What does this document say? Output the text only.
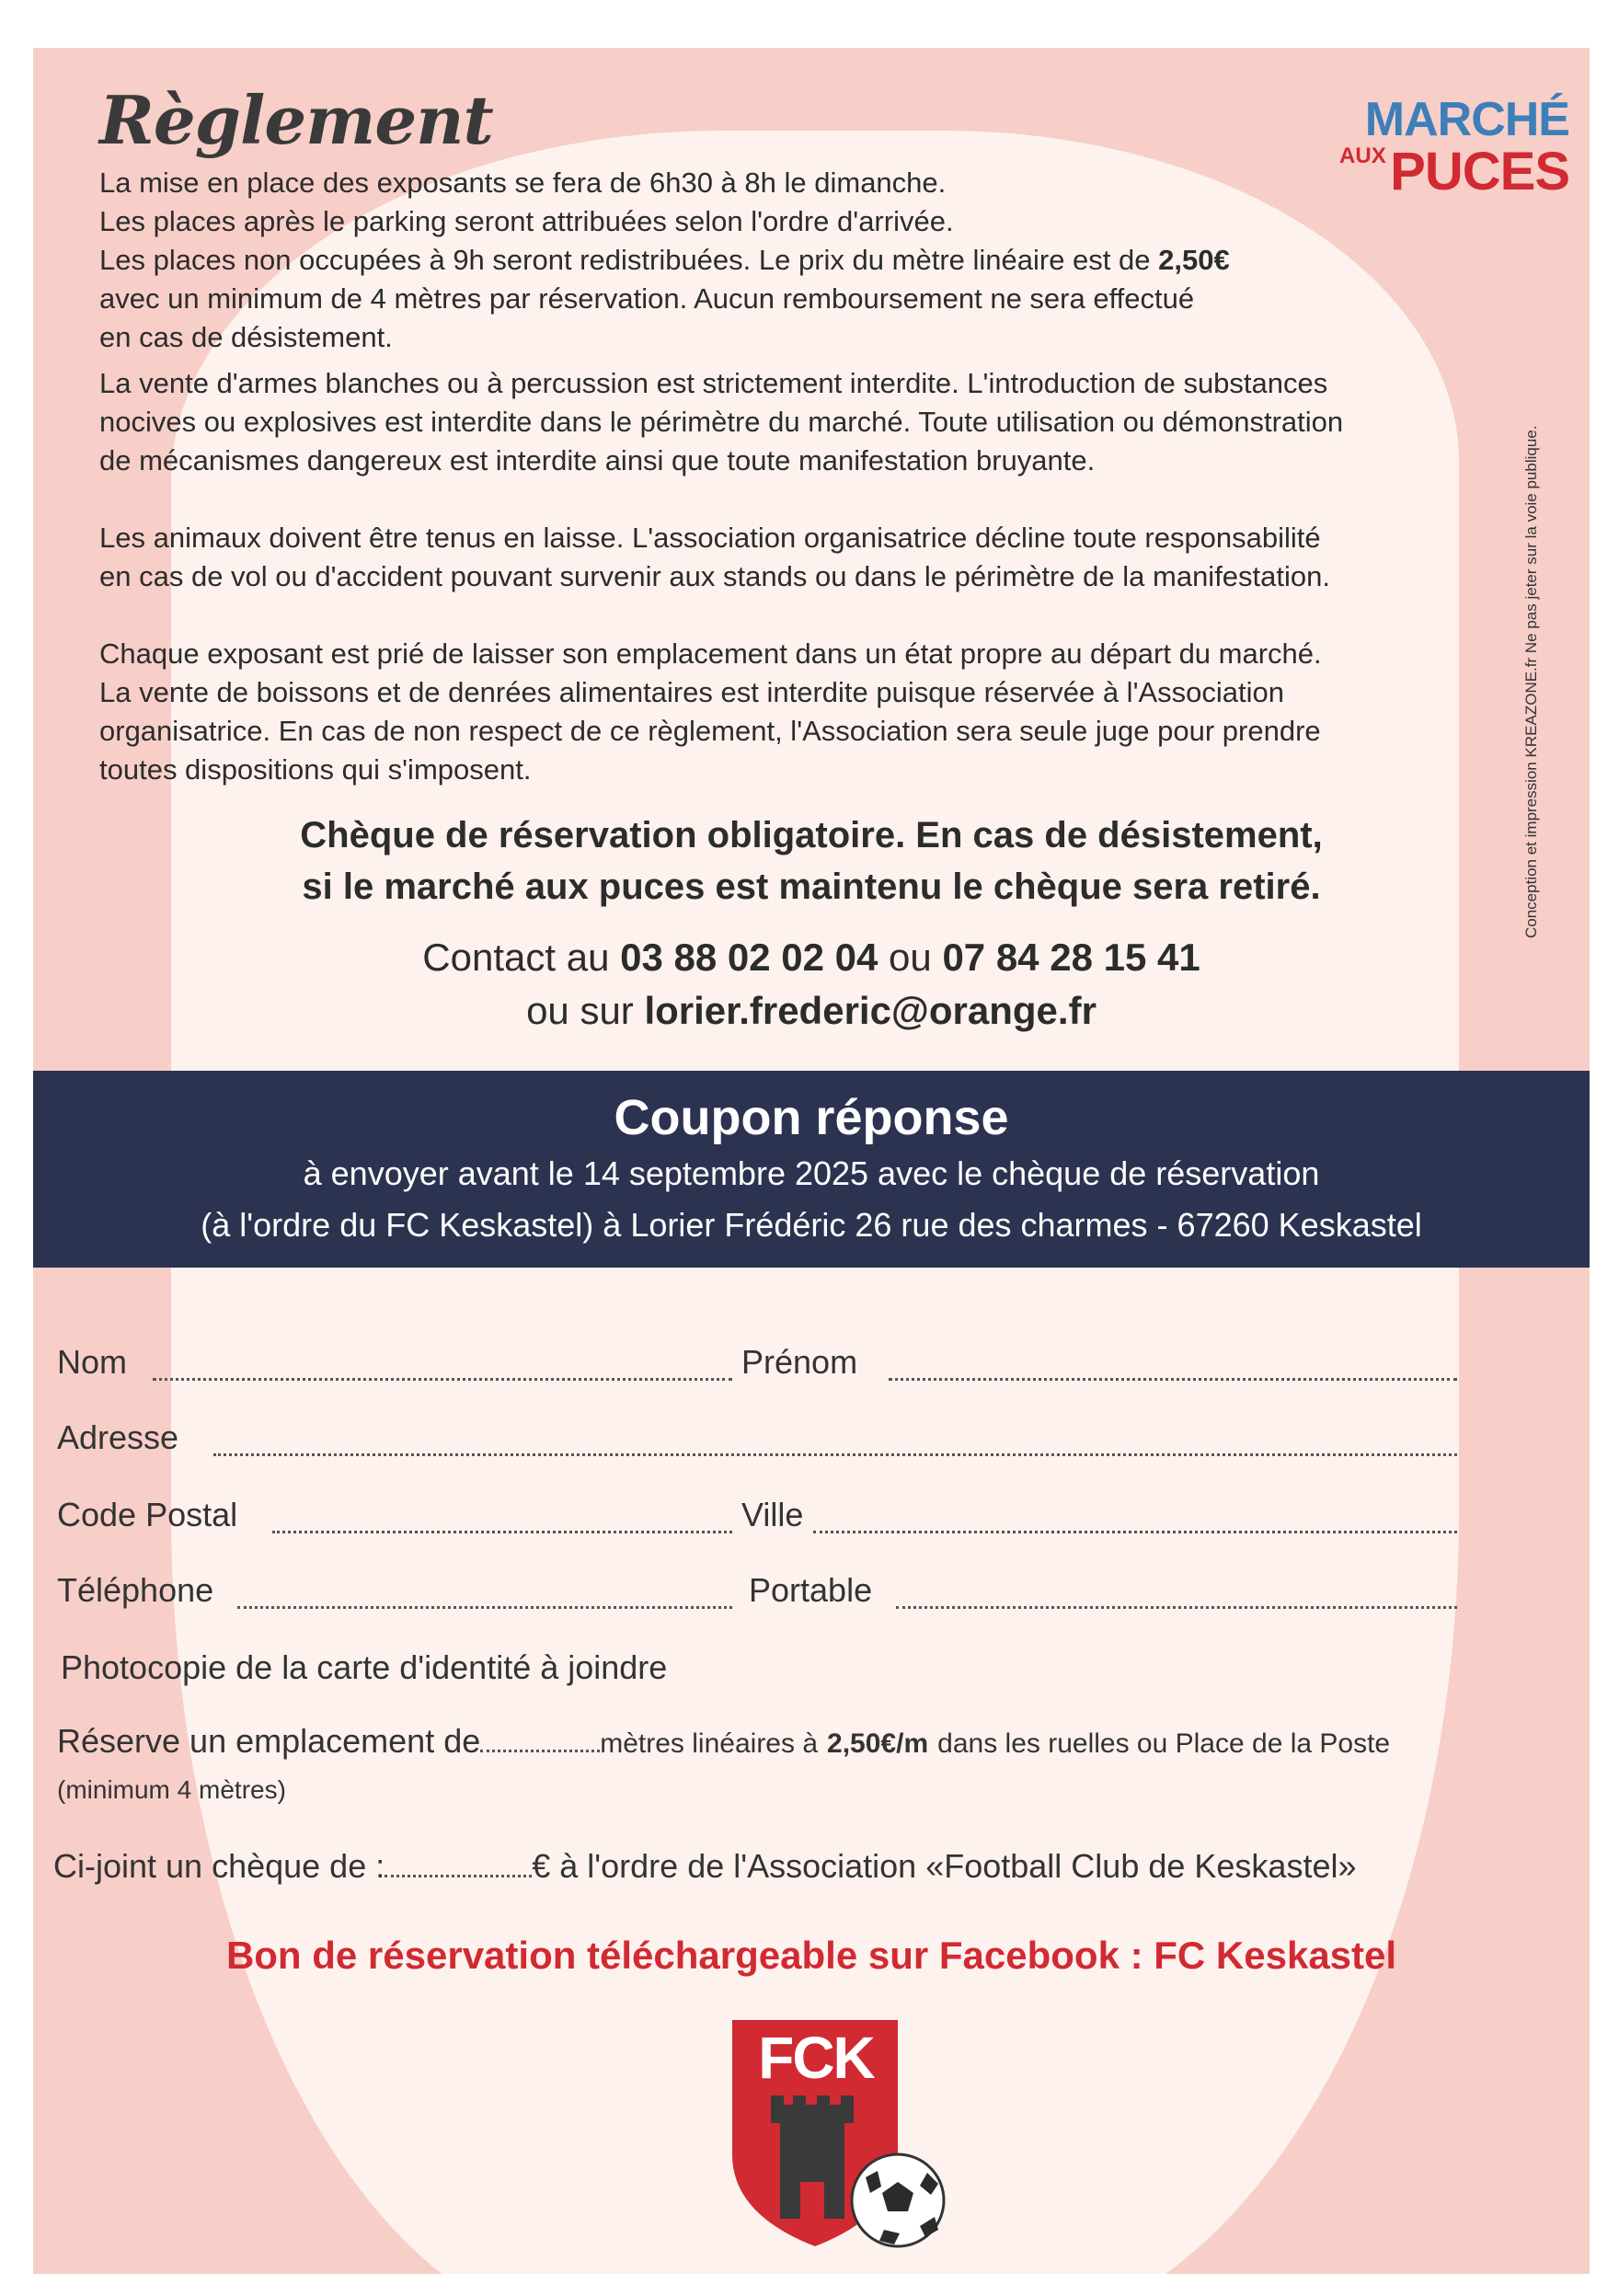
Règlement	MARCHÉ
AUX PUCES

La mise en place des exposants se fera de 6h30 à 8h le dimanche.

Les places après le parking seront attribuées selon l'ordre d'arrivée.

Les places non occupées à 9h seront redistribuées. Le prix du mètre linéaire est de 2,50€

avec un minimum de 4 mètres par réservation. Aucun remboursement ne sera effectué

en cas de désistement.

La vente d'armes blanches ou à percussion est strictement interdite. L'introduction de substances

nocives ou explosives est interdite dans le périmètre du marché. Toute utilisation ou démonstration

de mécanismes dangereux est interdite ainsi que toute manifestation bruyante.

Les animaux doivent être tenus en laisse. L'association organisatrice décline toute responsabilité

en cas de vol ou d'accident pouvant survenir aux stands ou dans le périmètre de la manifestation.

Chaque exposant est prié de laisser son emplacement dans un état propre au départ du marché.

La vente de boissons et de denrées alimentaires est interdite puisque réservée à l'Association

organisatrice. En cas de non respect de ce règlement, l'Association sera seule juge pour prendre

toutes dispositions qui s'imposent.

Chèque de réservation obligatoire. En cas de désistement,
si le marché aux puces est maintenu le chèque sera retiré.
Contact au 03 88 02 02 04 ou 07 84 28 15 41
ou sur lorier.frederic@orange.fr
Coupon réponse
à envoyer avant le 14 septembre 2025 avec le chèque de réservation
(à l'ordre du FC Keskastel) à Lorier Frédéric 26 rue des charmes - 67260 Keskastel
Nom	Prénom
Adresse
Code Postal	Ville
Téléphone	Portable
Photocopie de la carte d'identité à joindre
Réserve un emplacement de	mètres linéaires à 2,50€/m dans les ruelles ou Place de la Poste
(minimum 4 mètres)
Ci-joint un chèque de :	€ à l'ordre de l'Association «Football Club de Keskastel»
Bon de réservation téléchargeable sur Facebook : FC Keskastel
FCK
Conception et impression KREAZONE.fr Ne pas jeter sur la voie publique.
